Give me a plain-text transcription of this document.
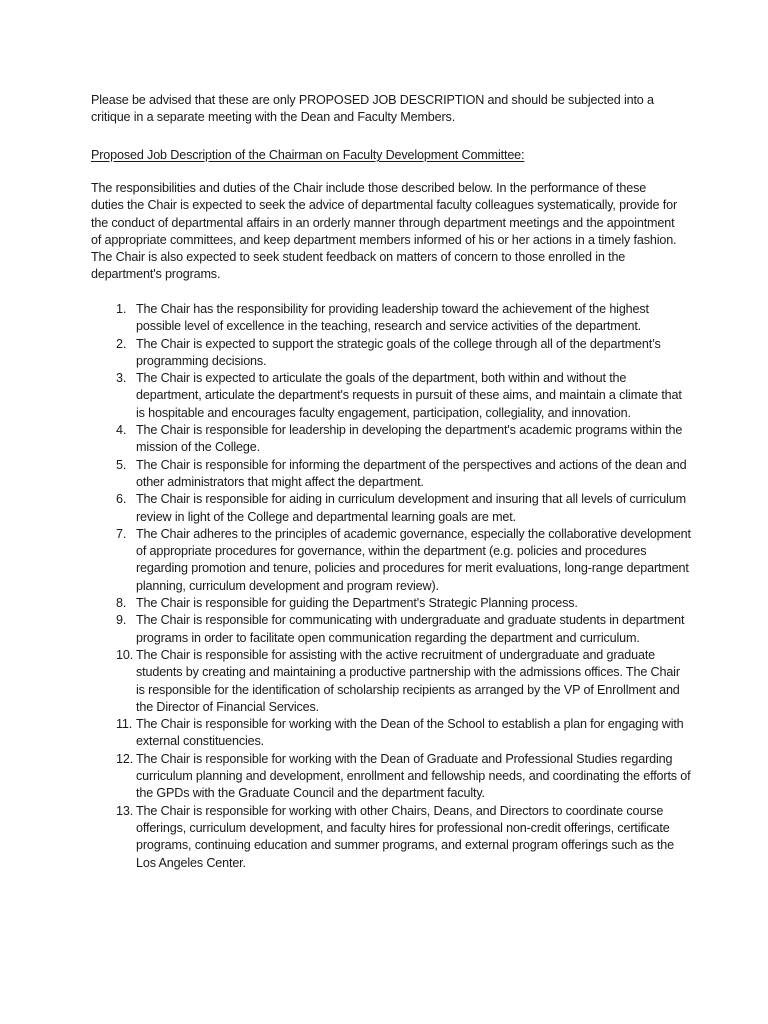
Please be advised that these are only PROPOSED JOB DESCRIPTION and should be subjected into a critique in a separate meeting with the Dean and Faculty Members.

Proposed Job Description of the Chairman on Faculty Development Committee:

The responsibilities and duties of the Chair include those described below. In the performance of these duties the Chair is expected to seek the advice of departmental faculty colleagues systematically, provide for the conduct of departmental affairs in an orderly manner through department meetings and the appointment of appropriate committees, and keep department members informed of his or her actions in a timely fashion. The Chair is also expected to seek student feedback on matters of concern to those enrolled in the department's programs.

1. The Chair has the responsibility for providing leadership toward the achievement of the highest possible level of excellence in the teaching, research and service activities of the department.
2. The Chair is expected to support the strategic goals of the college through all of the department’s programming decisions.
3. The Chair is expected to articulate the goals of the department, both within and without the department, articulate the department's requests in pursuit of these aims, and maintain a climate that is hospitable and encourages faculty engagement, participation, collegiality, and innovation.
4. The Chair is responsible for leadership in developing the department's academic programs within the mission of the College.
5. The Chair is responsible for informing the department of the perspectives and actions of the dean and other administrators that might affect the department.
6. The Chair is responsible for aiding in curriculum development and insuring that all levels of curriculum review in light of the College and departmental learning goals are met.
7. The Chair adheres to the principles of academic governance, especially the collaborative development of appropriate procedures for governance, within the department (e.g. policies and procedures regarding promotion and tenure, policies and procedures for merit evaluations, long-range department planning, curriculum development and program review).
8. The Chair is responsible for guiding the Department's Strategic Planning process.
9. The Chair is responsible for communicating with undergraduate and graduate students in department programs in order to facilitate open communication regarding the department and curriculum.
10. The Chair is responsible for assisting with the active recruitment of undergraduate and graduate students by creating and maintaining a productive partnership with the admissions offices. The Chair is responsible for the identification of scholarship recipients as arranged by the VP of Enrollment and the Director of Financial Services.
11. The Chair is responsible for working with the Dean of the School to establish a plan for engaging with external constituencies.
12. The Chair is responsible for working with the Dean of Graduate and Professional Studies regarding curriculum planning and development, enrollment and fellowship needs, and coordinating the efforts of the GPDs with the Graduate Council and the department faculty.
13. The Chair is responsible for working with other Chairs, Deans, and Directors to coordinate course offerings, curriculum development, and faculty hires for professional non-credit offerings, certificate programs, continuing education and summer programs, and external program offerings such as the Los Angeles Center.
